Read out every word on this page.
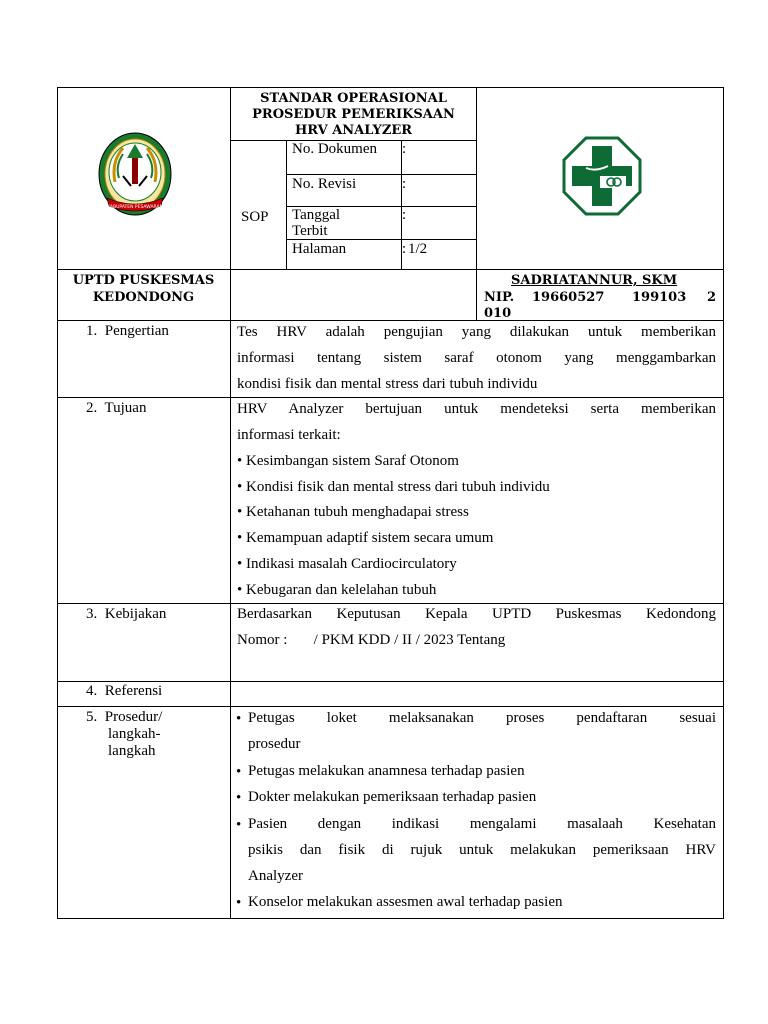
KABUPATEN PESAWARAN
STANDAR OPERASIONAL
PROSEDUR PEMERIKSAAN
HRV ANALYZER
SOP
No. Dokumen :
No. Revisi	:
Tanggal
Terbit
:
Halaman	: 1/2
UPTD PUSKESMAS
KEDONDONG
SADRIATANNUR, SKM
NIP. 19660527 199103 2
010
1.  Pengertian
2.  Tujuan
3.  Kebijakan
4.  Referensi
5.  Prosedur/
langkah-
langkah
Tes HRV adalah pengujian yang dilakukan untuk memberikan
informasi tentang sistem saraf otonom yang menggambarkan
kondisi fisik dan mental stress dari tubuh individu
HRV Analyzer bertujuan untuk mendeteksi serta memberikan
informasi terkait:
• Kesimbangan sistem Saraf Otonom
• Kondisi fisik dan mental stress dari tubuh individu
• Ketahanan tubuh menghadapai stress
• Kemampuan adaptif sistem secara umum
• Indikasi masalah Cardiocirculatory
• Kebugaran dan kelelahan tubuh
Berdasarkan Keputusan Kepala UPTD Puskesmas Kedondong
Nomor :       / PKM KDD / II / 2023 Tentang
• Petugas loket melaksanakan proses pendaftaran sesuai
prosedur
• Petugas melakukan anamnesa terhadap pasien
• Dokter melakukan pemeriksaan terhadap pasien
• Pasien dengan indikasi mengalami masalaah Kesehatan
psikis dan fisik di rujuk untuk melakukan pemeriksaan HRV
Analyzer
• Konselor melakukan assesmen awal terhadap pasien
